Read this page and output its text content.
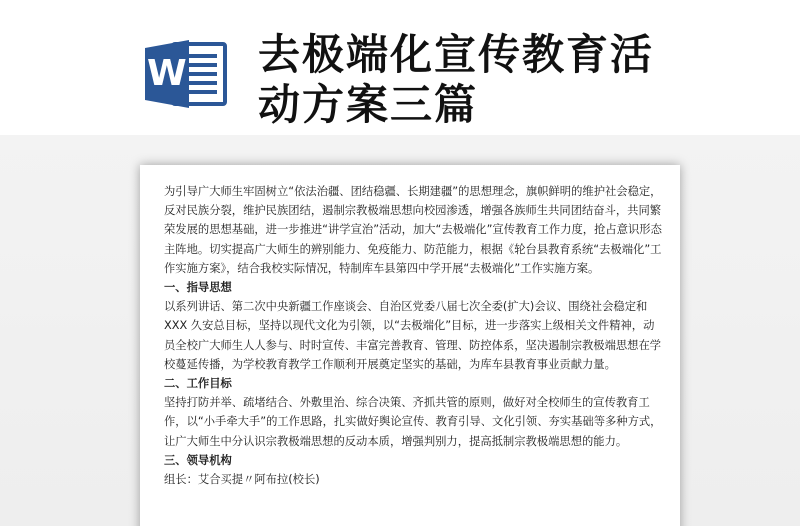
W 去极端化宣传教育活动方案三篇

为引导广大师生牢固树立“依法治疆、团结稳疆、长期建疆”的思想理念，旗帜鲜明的维护社会稳定，反对民族分裂，维护民族团结，遏制宗教极端思想向校园渗透，增强各族师生共同团结奋斗，共同繁荣发展的思想基础，进一步推进“讲学宣治”活动，加大“去极端化”宣传教育工作力度，抢占意识形态主阵地。切实提高广大师生的辨别能力、免疫能力、防范能力，根据《轮台县教育系统“去极端化”工作实施方案》，结合我校实际情况，特制库车县第四中学开展“去极端化”工作实施方案。

一、指导思想

以系列讲话、第二次中央新疆工作座谈会、自治区党委八届七次全委(扩大)会议、围绕社会稳定和 XXX 久安总目标，坚持以现代文化为引领，以“去极端化”目标，进一步落实上级相关文件精神，动员全校广大师生人人参与、时时宣传、丰富完善教育、管理、防控体系，坚决遏制宗教极端思想在学校蔓延传播，为学校教育教学工作顺利开展奠定坚实的基础，为库车县教育事业贡献力量。

二、工作目标

坚持打防并举、疏堵结合、外敷里治、综合决策、齐抓共管的原则，做好对全校师生的宣传教育工作，以“小手牵大手”的工作思路，扎实做好舆论宣传、教育引导、文化引领、夯实基础等多种方式，让广大师生中分认识宗教极端思想的反动本质，增强判别力，提高抵制宗教极端思想的能力。

三、领导机构

组长：艾合买提〃阿布拉(校长)
